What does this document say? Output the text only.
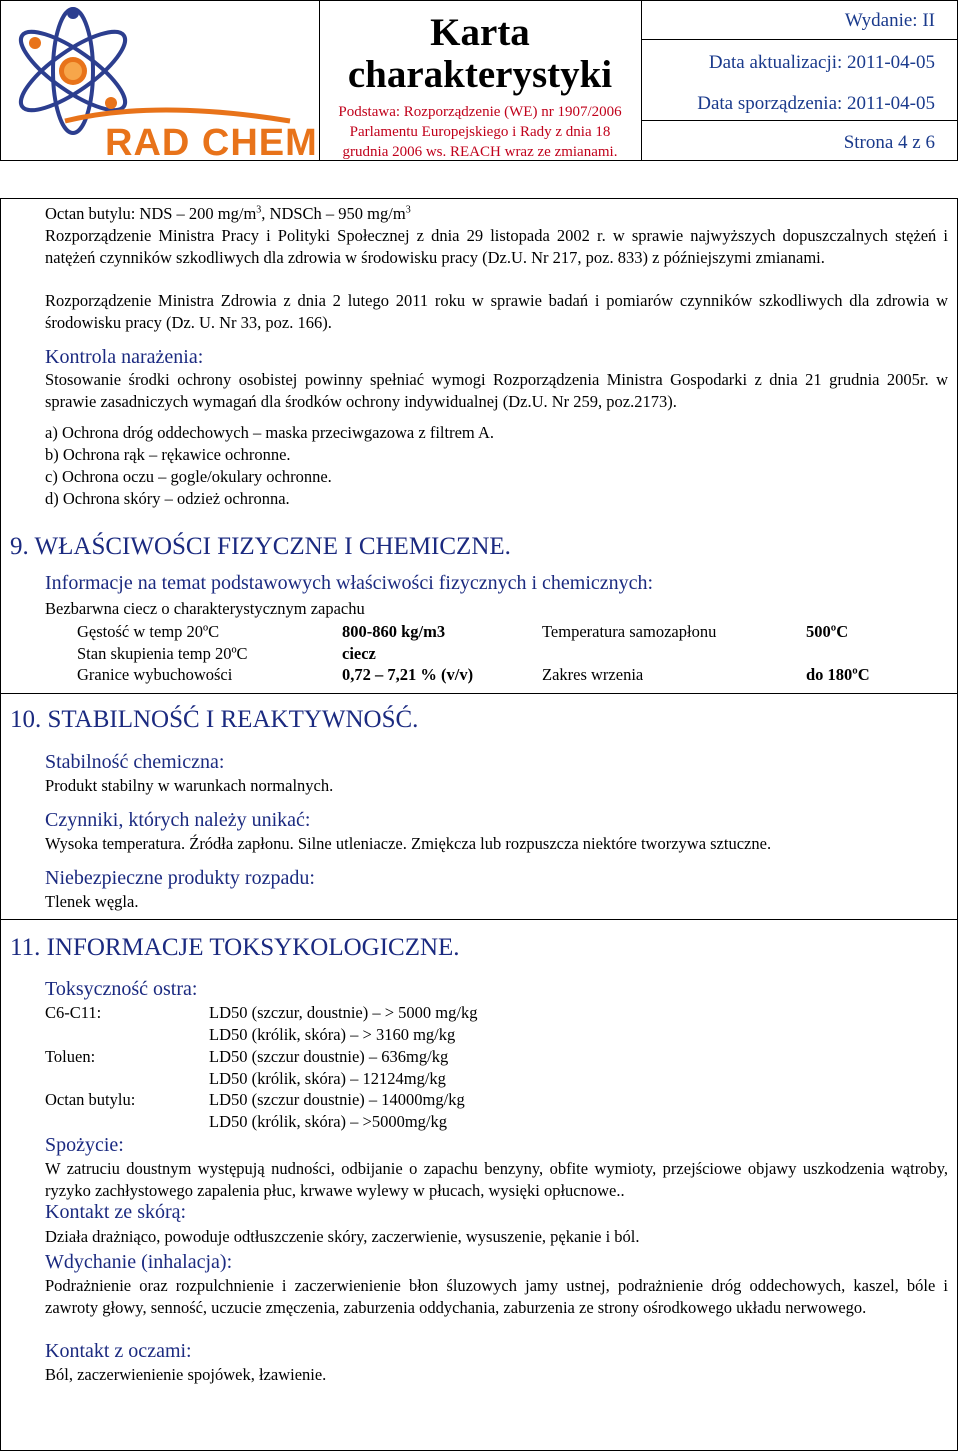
RAD CHEM
Karta
charakterystyki
Podstawa: Rozporządzenie (WE) nr 1907/2006
Parlamentu Europejskiego i Rady z dnia 18
grudnia 2006 ws. REACH wraz ze zmianami.
Wydanie: II
Data aktualizacji: 2011-04-05
Data sporządzenia: 2011-04-05
Strona 4 z 6
Octan butylu: NDS – 200 $mg/m^3$, NDSCh – 950 $mg/m^3$
Rozporządzenie Ministra Pracy i Polityki Społecznej z dnia 29 listopada 2002 r. w sprawie najwyższych dopuszczalnych stężeń i natężeń czynników szkodliwych dla zdrowia w środowisku pracy (Dz.U. Nr 217, poz. 833) z późniejszymi zmianami.
Rozporządzenie Ministra Zdrowia z dnia 2 lutego 2011 roku w sprawie badań i pomiarów czynników szkodliwych dla zdrowia w środowisku pracy (Dz. U. Nr 33, poz. 166).
Kontrola narażenia:
Stosowanie środki ochrony osobistej powinny spełniać wymogi Rozporządzenia Ministra Gospodarki z dnia 21 grudnia 2005r. w sprawie zasadniczych wymagań dla środków ochrony indywidualnej (Dz.U. Nr 259, poz.2173).
a) Ochrona dróg oddechowych – maska przeciwgazowa z filtrem A.
b) Ochrona rąk – rękawice ochronne.
c) Ochrona oczu – gogle/okulary ochronne.
d) Ochrona skóry – odzież ochronna.
9. WŁAŚCIWOŚCI FIZYCZNE I CHEMICZNE.
Informacje na temat podstawowych właściwości fizycznych i chemicznych:
Bezbarwna ciecz o charakterystycznym zapachu
Gęstość w temp 20ºC	800-860 kg/m3	Temperatura samozapłonu	500ºC
Stan skupienia temp 20ºC	ciecz
Granice wybuchowości	0,72 – 7,21 % (v/v)	Zakres wrzenia	do 180ºC
10. STABILNOŚĆ I REAKTYWNOŚĆ.
Stabilność chemiczna:
Produkt stabilny w warunkach normalnych.
Czynniki, których należy unikać:
Wysoka temperatura. Źródła zapłonu. Silne utleniacze. Zmiękcza lub rozpuszcza niektóre tworzywa sztuczne.
Niebezpieczne produkty rozpadu:
Tlenek węgla.
11. INFORMACJE TOKSYKOLOGICZNE.
Toksyczność ostra:
C6-C11:	LD50 (szczur, doustnie) – > 5000 mg/kg
LD50 (królik, skóra) – > 3160 mg/kg
Toluen:	LD50 (szczur doustnie) – 636mg/kg
LD50 (królik, skóra) – 12124mg/kg
Octan butylu:	LD50 (szczur doustnie) – 14000mg/kg
LD50 (królik, skóra) – >5000mg/kg
Spożycie:
W zatruciu doustnym występują nudności, odbijanie o zapachu benzyny, obfite wymioty, przejściowe objawy uszkodzenia wątroby, ryzyko zachłystowego zapalenia płuc, krwawe wylewy w płucach, wysięki opłucnowe..
Kontakt ze skórą:
Działa drażniąco, powoduje odtłuszczenie skóry, zaczerwienie, wysuszenie, pękanie i ból.
Wdychanie (inhalacja):
Podrażnienie oraz rozpulchnienie i zaczerwienienie błon śluzowych jamy ustnej, podrażnienie dróg oddechowych, kaszel, bóle i zawroty głowy, senność, uczucie zmęczenia, zaburzenia oddychania, zaburzenia ze strony ośrodkowego układu nerwowego.
Kontakt z oczami:
Ból, zaczerwienienie spojówek, łzawienie.
